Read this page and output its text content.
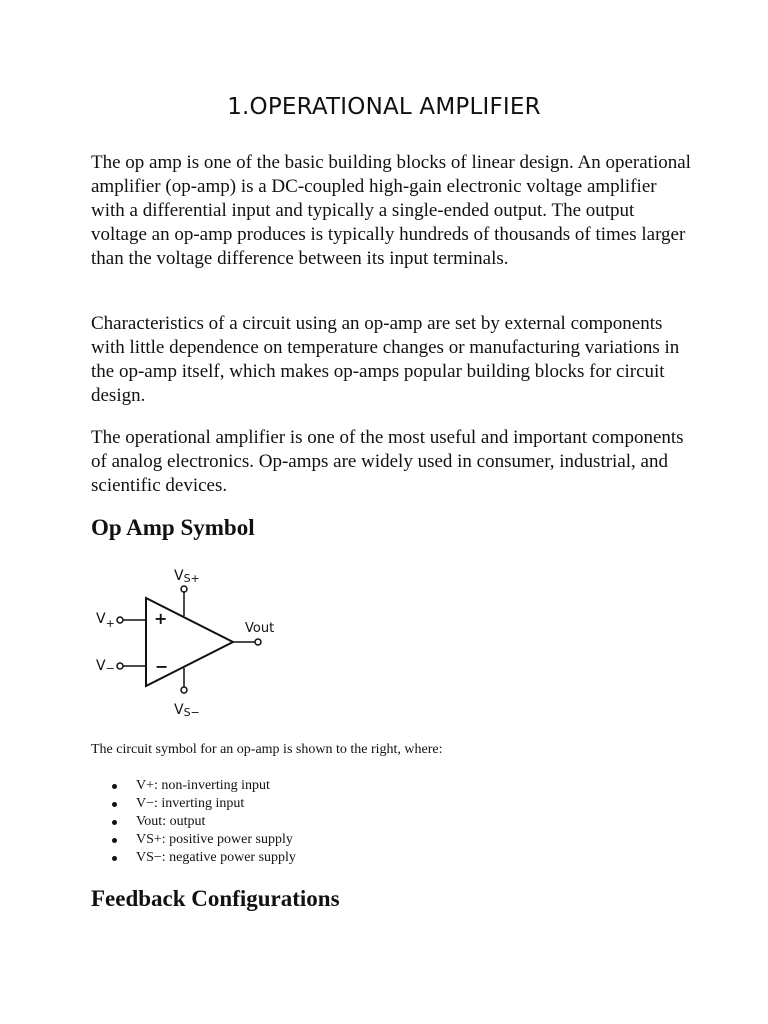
1.OPERATIONAL AMPLIFIER

The op amp is one of the basic building blocks of linear design. An operational amplifier (op-amp) is a DC-coupled high-gain electronic voltage amplifier with a differential input and typically a single-ended output. The output voltage an op-amp produces is typically hundreds of thousands of times larger than the voltage difference between its input terminals.

Characteristics of a circuit using an op-amp are set by external components with little dependence on temperature changes or manufacturing variations in the op-amp itself, which makes op-amps popular building blocks for circuit design.

The operational amplifier is one of the most useful and important components of analog electronics. Op-amps are widely used in consumer, industrial, and scientific devices.

Op Amp Symbol
+
−
VS+
VS−
$V_+$
V−
Vout

The circuit symbol for an op-amp is shown to the right, where:

V+: non-inverting input
V−: inverting input
Vout: output
VS+: positive power supply
VS−: negative power supply
Feedback Configurations
